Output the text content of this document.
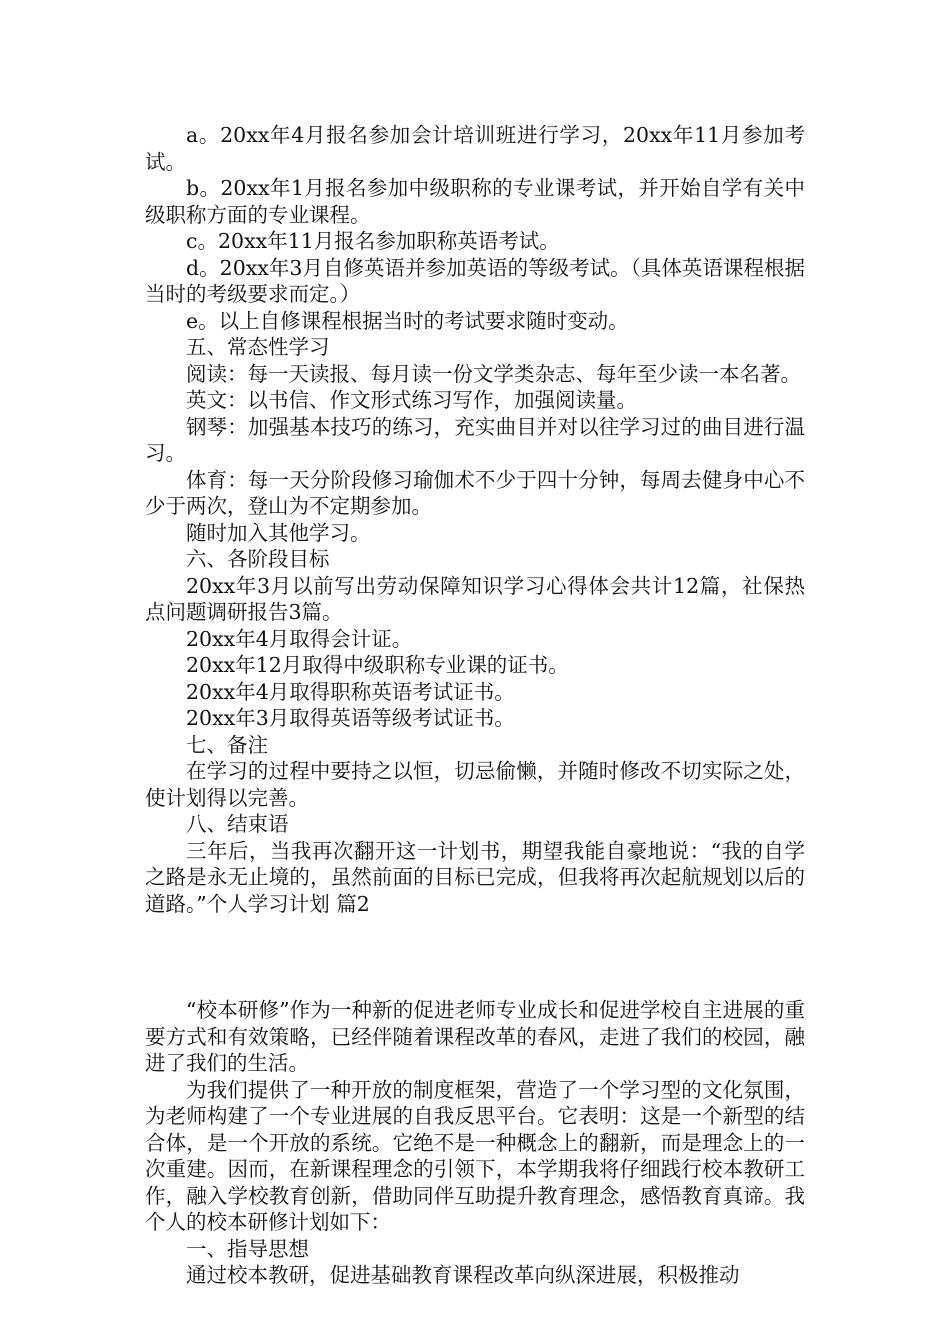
a。20xx年4月报名参加会计培训班进行学习，20xx年11月参加考试。

b。20xx年1月报名参加中级职称的专业课考试，并开始自学有关中级职称方面的专业课程。

c。20xx年11月报名参加职称英语考试。

d。20xx年3月自修英语并参加英语的等级考试。（具体英语课程根据当时的考级要求而定。）

e。以上自修课程根据当时的考试要求随时变动。

五、常态性学习

阅读：每一天读报、每月读一份文学类杂志、每年至少读一本名著。

英文：以书信、作文形式练习写作，加强阅读量。

钢琴：加强基本技巧的练习，充实曲目并对以往学习过的曲目进行温习。

体育：每一天分阶段修习瑜伽术不少于四十分钟，每周去健身中心不少于两次，登山为不定期参加。

随时加入其他学习。

六、各阶段目标

20xx年3月以前写出劳动保障知识学习心得体会共计12篇，社保热点问题调研报告3篇。

20xx年4月取得会计证。

20xx年12月取得中级职称专业课的证书。

20xx年4月取得职称英语考试证书。

20xx年3月取得英语等级考试证书。

七、备注

在学习的过程中要持之以恒，切忌偷懒，并随时修改不切实际之处，使计划得以完善。

八、结束语

三年后，当我再次翻开这一计划书，期望我能自豪地说：“我的自学之路是永无止境的，虽然前面的目标已完成，但我将再次起航规划以后的道路。”个人学习计划 篇2

“校本研修”作为一种新的促进老师专业成长和促进学校自主进展的重要方式和有效策略，已经伴随着课程改革的春风，走进了我们的校园，融进了我们的生活。

为我们提供了一种开放的制度框架，营造了一个学习型的文化氛围，为老师构建了一个专业进展的自我反思平台。它表明：这是一个新型的结合体，是一个开放的系统。它绝不是一种概念上的翻新，而是理念上的一次重建。因而，在新课程理念的引领下，本学期我将仔细践行校本教研工作，融入学校教育创新，借助同伴互助提升教育理念，感悟教育真谛。我个人的校本研修计划如下：

一、指导思想

通过校本教研，促进基础教育课程改革向纵深进展，积极推动
